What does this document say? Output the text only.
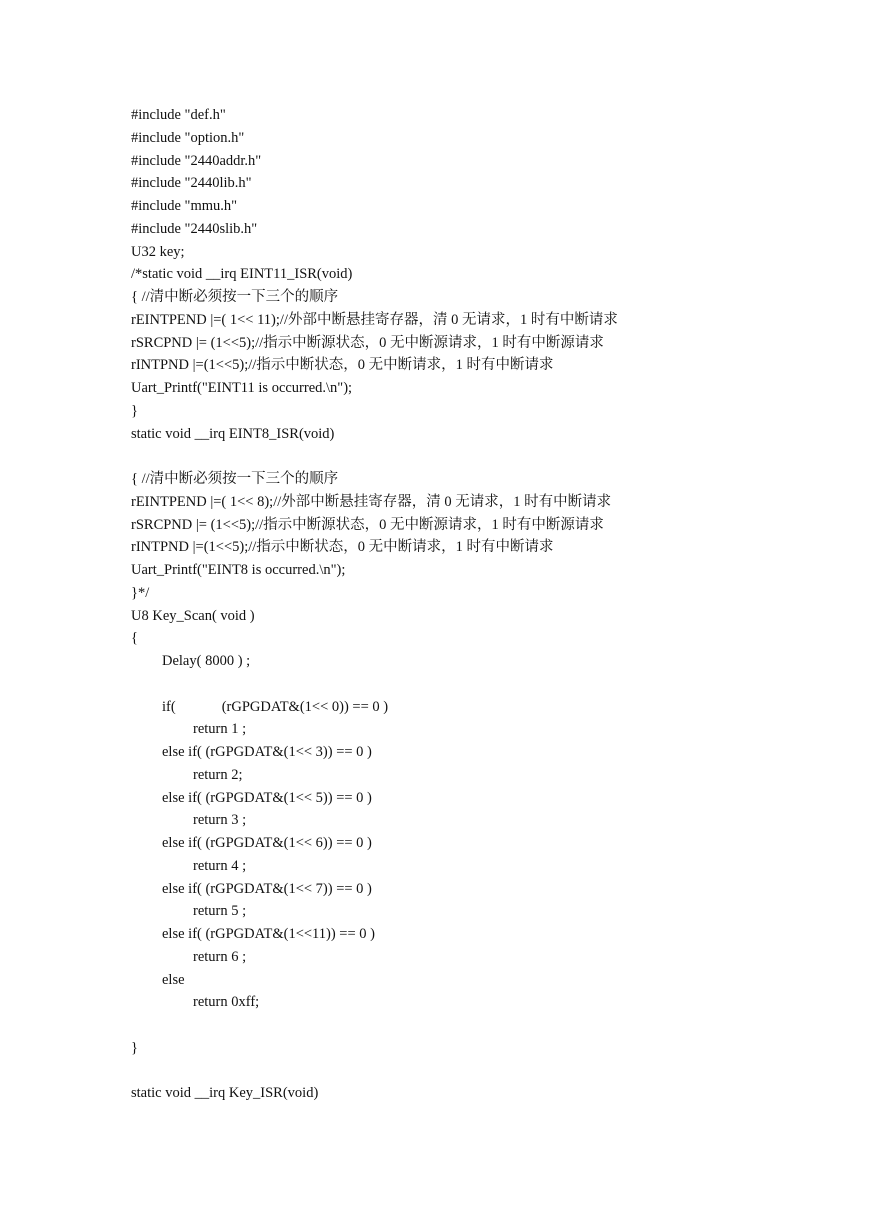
#include "def.h"
#include "option.h"
#include "2440addr.h"
#include "2440lib.h"
#include "mmu.h"
#include "2440slib.h"
U32 key;
/*static void __irq EINT11_ISR(void)
{ //清中断必须按一下三个的顺序
rEINTPEND |=( 1<< 11);//外部中断悬挂寄存器，清 0 无请求，1 时有中断请求
rSRCPND |= (1<<5);//指示中断源状态，0 无中断源请求，1 时有中断源请求
rINTPND |=(1<<5);//指示中断状态，0 无中断请求，1 时有中断请求
Uart_Printf("EINT11 is occurred.\n");
}
static void __irq EINT8_ISR(void)
{ //清中断必须按一下三个的顺序
rEINTPEND |=( 1<< 8);//外部中断悬挂寄存器，清 0 无请求，1 时有中断请求
rSRCPND |= (1<<5);//指示中断源状态，0 无中断源请求，1 时有中断源请求
rINTPND |=(1<<5);//指示中断状态，0 无中断请求，1 时有中断请求
Uart_Printf("EINT8 is occurred.\n");
}*/
U8 Key_Scan( void )
{
Delay( 8000 ) ;
if(	(rGPGDAT&(1<< 0)) == 0 )
return 1 ;
else if( (rGPGDAT&(1<< 3)) == 0 )
return 2;
else if( (rGPGDAT&(1<< 5)) == 0 )
return 3 ;
else if( (rGPGDAT&(1<< 6)) == 0 )
return 4 ;
else if( (rGPGDAT&(1<< 7)) == 0 )
return 5 ;
else if( (rGPGDAT&(1<<11)) == 0 )
return 6 ;
else
return 0xff;
}
static void __irq Key_ISR(void)
